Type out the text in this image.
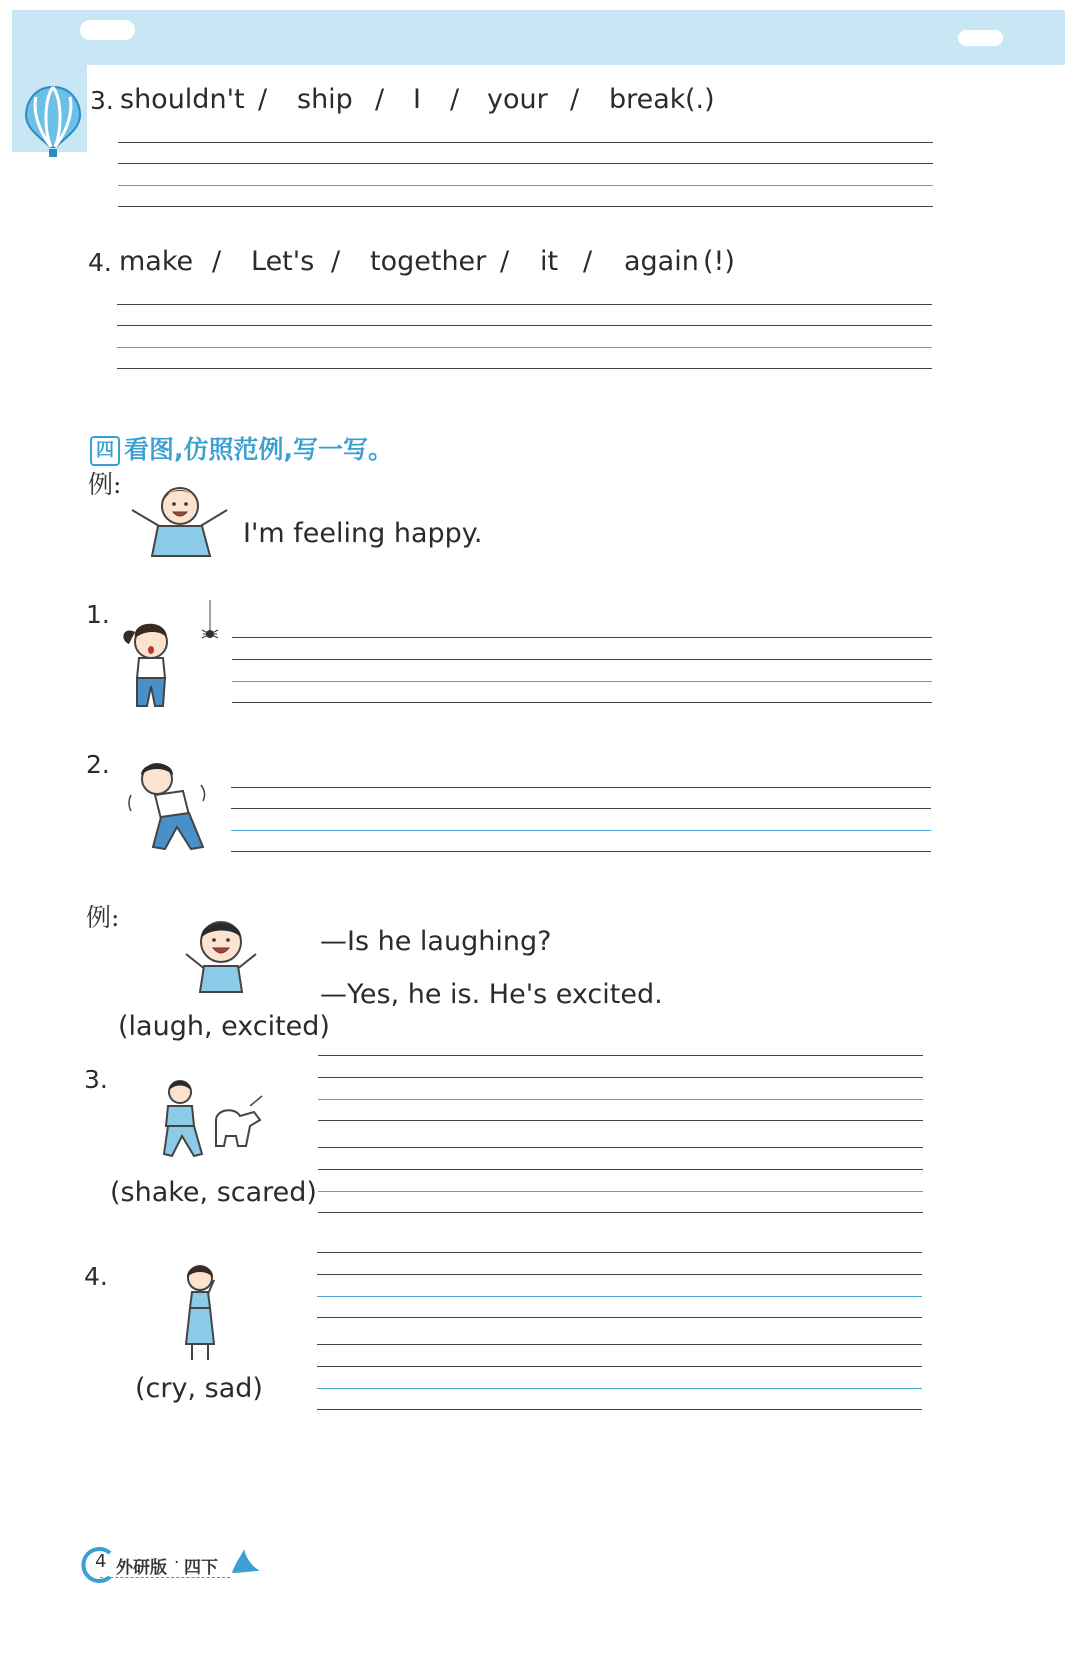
3. shouldn't / ship / I / your / break (.)
4. make / Let's / together / it / again (!)
四 看图,仿照范例,写一写。
例:
I'm feeling happy.
1.
2.
例:
—Is he laughing?
—Yes, he is. He's excited.
(laugh, excited)
3.
(shake, scared)
4.
(cry, sad)
4 外研版 · 四下
